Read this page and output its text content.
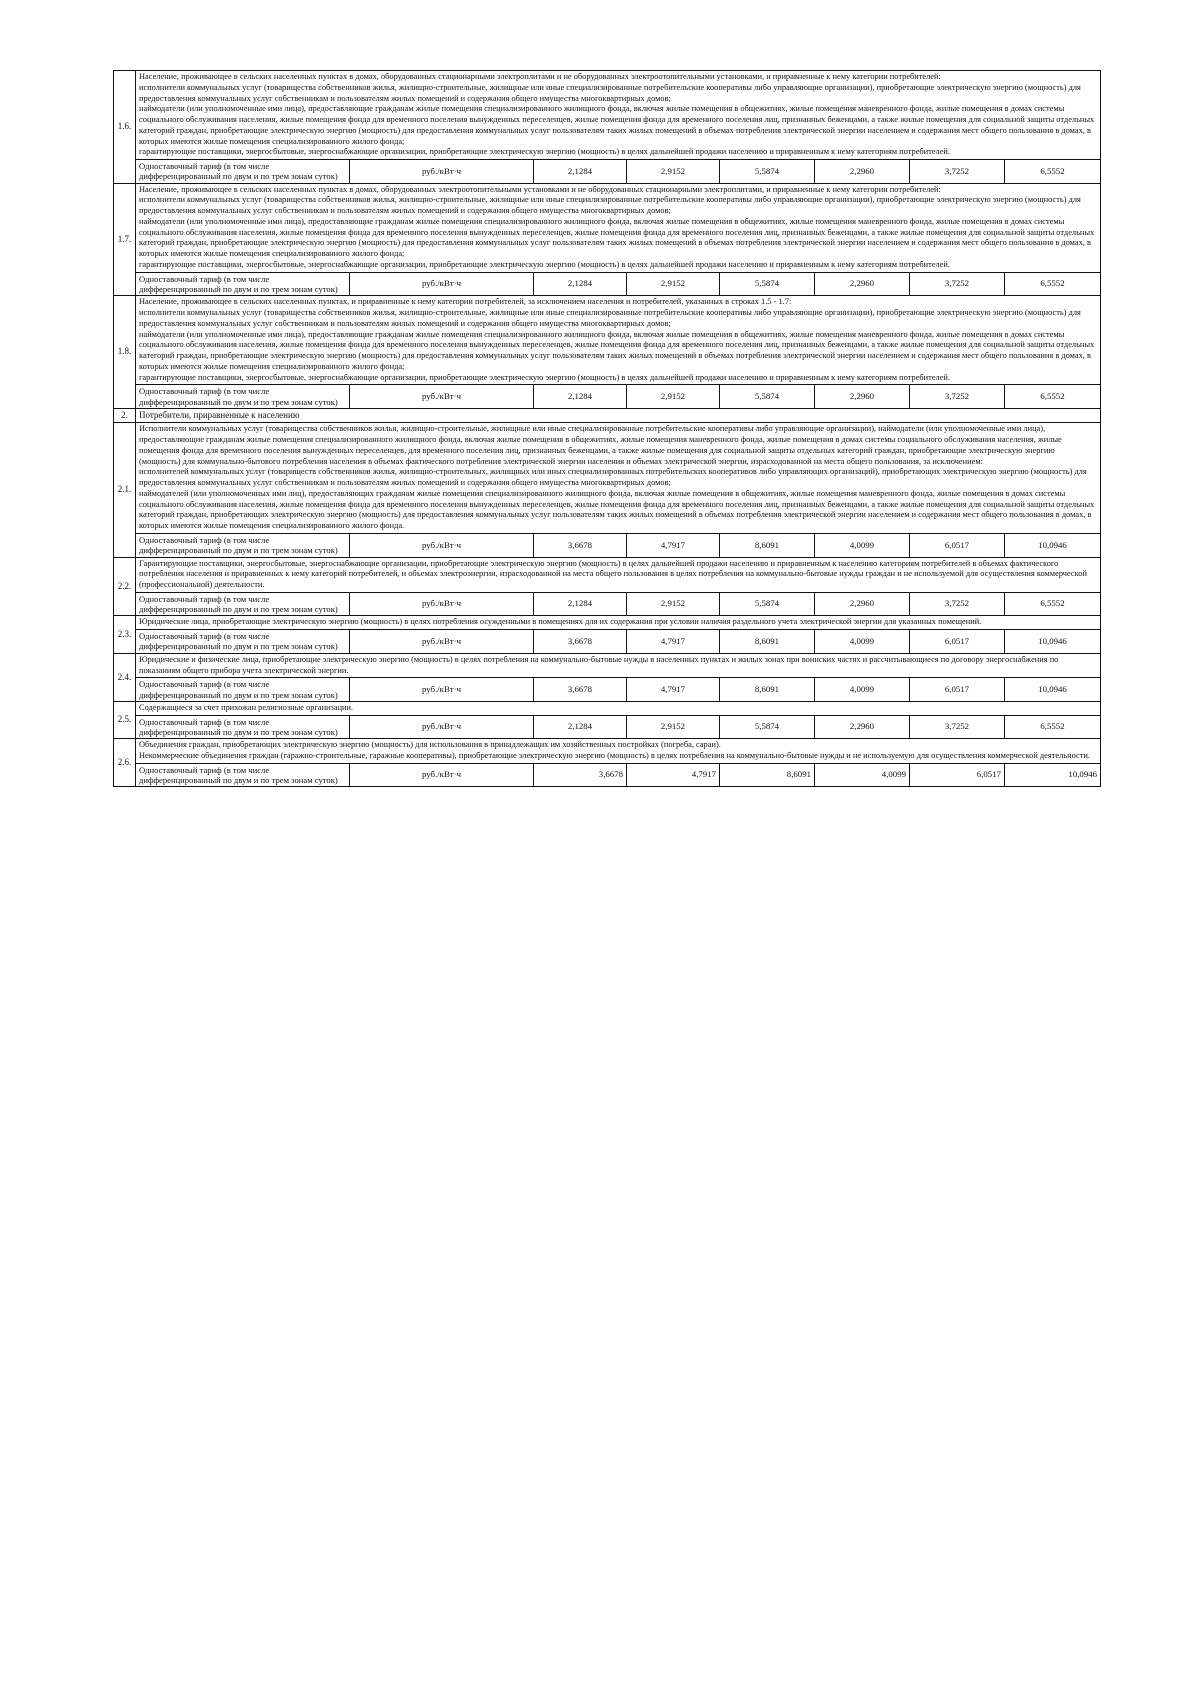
1.6.	Население, проживающее в сельских населенных пунктах в домах, оборудованных стационарными электроплитами и не оборудованных электроотопительными установками, и приравненные к нему категории потребителей:
исполнители коммунальных услуг (товарищества собственников жилья, жилищно-строительные, жилищные или иные специализированные потребительские кооперативы либо управляющие организации), приобретающие электрическую энергию (мощность) для предоставления коммунальных услуг собственникам и пользователям жилых помещений и содержания общего имущества многоквартирных домов;
наймодатели (или уполномоченные ими лица), предоставляющие гражданам жилые помещения специализированного жилищного фонда, включая жилые помещения в общежитиях, жилые помещения маневренного фонда, жилые помещения в домах системы социального обслуживания населения, жилые помещения фонда для временного поселения вынужденных переселенцев, жилые помещения фонда для временного поселения лиц, признанных беженцами, а также жилые помещения для социальной защиты отдельных категорий граждан, приобретающие электрическую энергию (мощность) для предоставления коммунальных услуг пользователям таких жилых помещений в объемах потребления электрической энергии населением и содержания мест общего пользования в домах, в которых имеются жилые помещения специализированного жилого фонда;
гарантирующие поставщики, энергосбытовые, энергоснабжающие организации, приобретающие электрическую энергию (мощность) в целях дальнейшей продажи населению и приравненным к нему категориям потребителей.							
	Одноставочный тариф (в том числе дифференцированный по двум и по трем зонам суток)	руб./кВт·ч	2,1284	2,9152	5,5874	2,2960	3,7252	6,5552
1.7.	Население, проживающее в сельских населенных пунктах в домах, оборудованных электроотопительными установками и не оборудованных стационарными электроплитами, и приравненные к нему категории потребителей:
исполнители коммунальных услуг (товарищества собственников жилья, жилищно-строительные, жилищные или иные специализированные потребительские кооперативы либо управляющие организации), приобретающие электрическую энергию (мощность) для предоставления коммунальных услуг собственникам и пользователям жилых помещений и содержания общего имущества многоквартирных домов;
наймодатели (или уполномоченные ими лица), предоставляющие гражданам жилые помещения специализированного жилищного фонда, включая жилые помещения в общежитиях, жилые помещения маневренного фонда, жилые помещения в домах системы социального обслуживания населения, жилые помещения фонда для временного поселения вынужденных переселенцев, жилые помещения фонда для временного поселения лиц, признанных беженцами, а также жилые помещения для социальной защиты отдельных категорий граждан, приобретающие электрическую энергию (мощность) для предоставления коммунальных услуг пользователям таких жилых помещений в объемах потребления электрической энергии населением и содержания мест общего пользования в домах, в которых имеются жилые помещения специализированного жилого фонда;
гарантирующие поставщики, энергосбытовые, энергоснабжающие организации, приобретающие электрическую энергию (мощность) в целях дальнейшей продажи населению и приравненным к нему категориям потребителей.							
	Одноставочный тариф (в том числе дифференцированный по двум и по трем зонам суток)	руб./кВт·ч	2,1284	2,9152	5,5874	2,2960	3,7252	6,5552
1.8.	Население, проживающее в сельских населенных пунктах, и приравненные к нему категории потребителей, за исключением населения и потребителей, указанных в строках 1.5 - 1.7:
исполнители коммунальных услуг (товарищества собственников жилья, жилищно-строительные, жилищные или иные специализированные потребительские кооперативы либо управляющие организации), приобретающие электрическую энергию (мощность) для предоставления коммунальных услуг собственникам и пользователям жилых помещений и содержания общего имущества многоквартирных домов;
наймодатели (или уполномоченные ими лица), предоставляющие гражданам жилые помещения специализированного жилищного фонда, включая жилые помещения в общежитиях, жилые помещения маневренного фонда, жилые помещения в домах системы социального обслуживания населения, жилые помещения фонда для временного поселения вынужденных переселенцев, жилые помещения фонда для временного поселения лиц, признанных беженцами, а также жилые помещения для социальной защиты отдельных категорий граждан, приобретающие электрическую энергию (мощность) для предоставления коммунальных услуг пользователям таких жилых помещений в объемах потребления электрической энергии населением и содержания мест общего пользования в домах, в которых имеются жилые помещения специализированного жилого фонда;
гарантирующие поставщики, энергосбытовые, энергоснабжающие организации, приобретающие электрическую энергию (мощность) в целях дальнейшей продажи населению и приравненным к нему категориям потребителей.							
	Одноставочный тариф (в том числе дифференцированный по двум и по трем зонам суток)	руб./кВт·ч	2,1284	2,9152	5,5874	2,2960	3,7252	6,5552
2.	Потребители, приравненные к населению							
2.1.	Исполнители коммунальных услуг (товарищества собственников жилья, жилищно-строительные, жилищные или иные специализированные потребительские кооперативы либо управляющие организации), наймодатели (или уполномоченные ими лица), предоставляющие гражданам жилые помещения специализированного жилищного фонда, включая жилые помещения в общежитиях, жилые помещения маневренного фонда, жилые помещения в домах системы социального обслуживания населения, жилые помещения фонда для временного поселения вынужденных переселенцев, для временного поселения лиц, признанных беженцами, а также жилые помещения для социальной защиты отдельных категорий граждан, приобретающие электрическую энергию (мощность) для коммунально-бытового потребления населения в объемах фактического потребления электрической энергии населения и объемах электрической энергии, израсходованной на места общего пользования, за исключением:
исполнителей коммунальных услуг (товариществ собственников жилья, жилищно-строительных, жилищных или иных специализированных потребительских кооперативов либо управляющих организаций), приобретающих электрическую энергию (мощность) для предоставления коммунальных услуг собственникам и пользователям жилых помещений и содержания общего имущества многоквартирных домов;
наймодателей (или уполномоченных ими лиц), предоставляющих гражданам жилые помещения специализированного жилищного фонда, включая жилые помещения в общежитиях, жилые помещения маневренного фонда, жилые помещения в домах системы социального обслуживания населения, жилые помещения фонда для временного поселения вынужденных переселенцев, жилые помещения фонда для временного поселения лиц, признанных беженцами, а также жилые помещения для социальной защиты отдельных категорий граждан, приобретающих электрическую энергию (мощность) для предоставления коммунальных услуг пользователям таких жилых помещений в объемах потребления электрической энергии населением и содержания мест общего пользования в домах, в которых имеются жилые помещения специализированного жилого фонда.							
	Одноставочный тариф (в том числе дифференцированный по двум и по трем зонам суток)	руб./кВт·ч	3,6678	4,7917	8,6091	4,0099	6,0517	10,0946
2.2.	Гарантирующие поставщики, энергосбытовые, энергоснабжающие организации, приобретающие электрическую энергию (мощность) в целях дальнейшей продажи населению и приравненным к населению категориям потребителей в объемах фактического потребления населения и приравненных к нему категорий потребителей, и объемах электроэнергии, израсходованной на места общего пользования в целях потребления на коммунально-бытовые нужды граждан и не используемой для осуществления коммерческой (профессиональной) деятельности.							
	Одноставочный тариф (в том числе дифференцированный по двум и по трем зонам суток)	руб./кВт·ч	2,1284	2,9152	5,5874	2,2960	3,7252	6,5552
2.3.	Юридические лица, приобретающие электрическую энергию (мощность) в целях потребления осужденными в помещениях для их содержания при условии наличия раздельного учета электрической энергии для указанных помещений.							
	Одноставочный тариф (в том числе дифференцированный по двум и по трем зонам суток)	руб./кВт·ч	3,6678	4,7917	8,6091	4,0099	6,0517	10,0946
2.4.	Юридические и физические лица, приобретающие электрическую энергию (мощность) в целях потребления на коммунально-бытовые нужды в населенных пунктах и жилых зонах при воинских частях и рассчитывающиеся по договору энергоснабжения по показаниям общего прибора учета электрической энергии.							
	Одноставочный тариф (в том числе дифференцированный по двум и по трем зонам суток)	руб./кВт·ч	3,6678	4,7917	8,6091	4,0099	6,0517	10,0946
2.5.	Содержащиеся за счет прихожан религиозные организации.							
	Одноставочный тариф (в том числе дифференцированный по двум и по трем зонам суток)	руб./кВт·ч	2,1284	2,9152	5,5874	2,2960	3,7252	6,5552
2.6.	Объединения граждан, приобретающих электрическую энергию (мощность) для использования в принадлежащих им хозяйственных постройках (погреба, сараи).
Некоммерческие объединения граждан (гаражно-строительные, гаражные кооперативы), приобретающие электрическую энергию (мощность) в целях потребления на коммунально-бытовые нужды и не используемую для осуществления коммерческой деятельности.							
	Одноставочный тариф (в том числе дифференцированный по двум и по трем зонам суток)	руб./кВт·ч	3,6678	4,7917	8,6091	4,0099	6,0517	10,0946
